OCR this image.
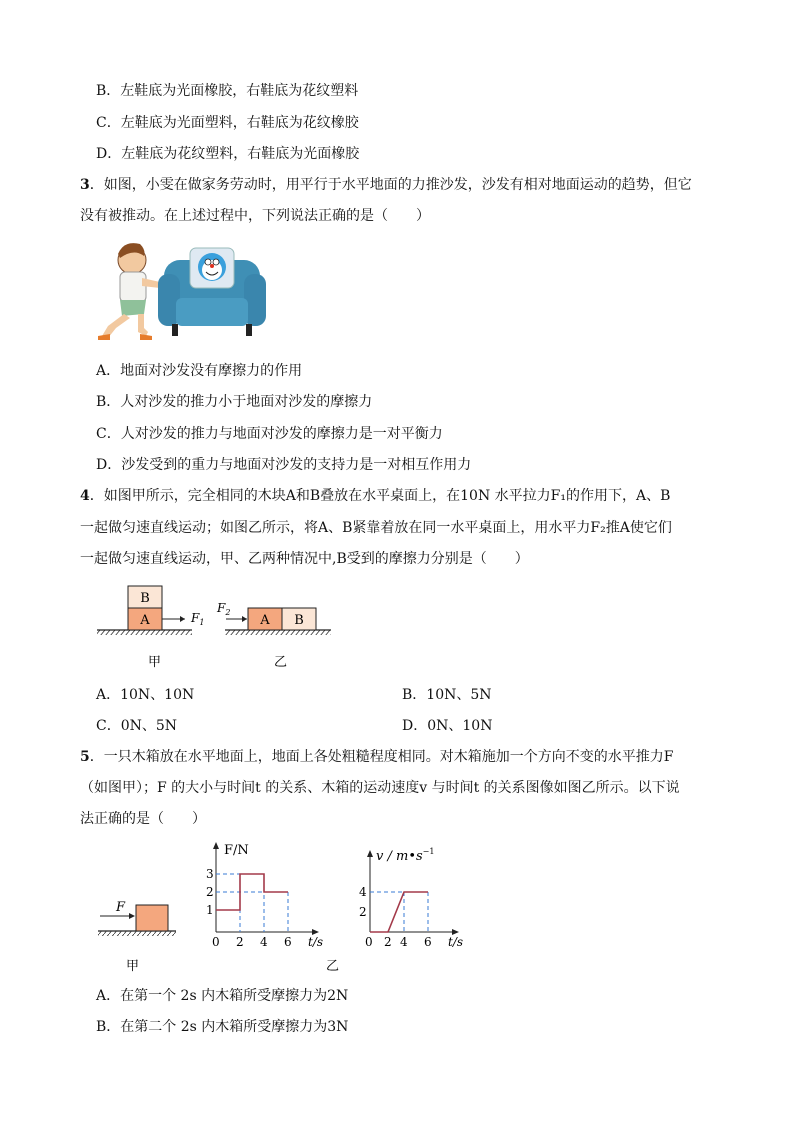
B．左鞋底为光面橡胶，右鞋底为花纹塑料
C．左鞋底为光面塑料，右鞋底为花纹橡胶
D．左鞋底为花纹塑料，右鞋底为光面橡胶
3．如图，小雯在做家务劳动时，用平行于水平地面的力推沙发，沙发有相对地面运动的趋势，但它
没有被推动。在上述过程中，下列说法正确的是（　　）
A．地面对沙发没有摩擦力的作用
B．人对沙发的推力小于地面对沙发的摩擦力
C．人对沙发的推力与地面对沙发的摩擦力是一对平衡力
D．沙发受到的重力与地面对沙发的支持力是一对相互作用力
4．如图甲所示，完全相同的木块A和B叠放在水平桌面上，在10N 水平拉力F₁的作用下，A、B
一起做匀速直线运动；如图乙所示，将A、B紧靠着放在同一水平桌面上，用水平力F₂推A使它们
一起做匀速直线运动，甲、乙两种情况中,B受到的摩擦力分别是（　　）
B
A	$F_1$
甲
A B
$F_2$
乙
A．10N、10N	B．10N、5N
C．0N、5N	D．0N、10N
5．一只木箱放在水平地面上，地面上各处粗糙程度相同。对木箱施加一个方向不变的水平推力F
（如图甲）；F 的大小与时间t 的关系、木箱的运动速度v 与时间t 的关系图像如图乙所示。以下说
法正确的是（　　）
F
甲
F/N
3
2
1
0 2 4 6 t/s
乙
v / $m•s^{-1}$
4
2
0 2 4 6 t/s
A．在第一个 2s 内木箱所受摩擦力为2N
B．在第二个 2s 内木箱所受摩擦力为3N
